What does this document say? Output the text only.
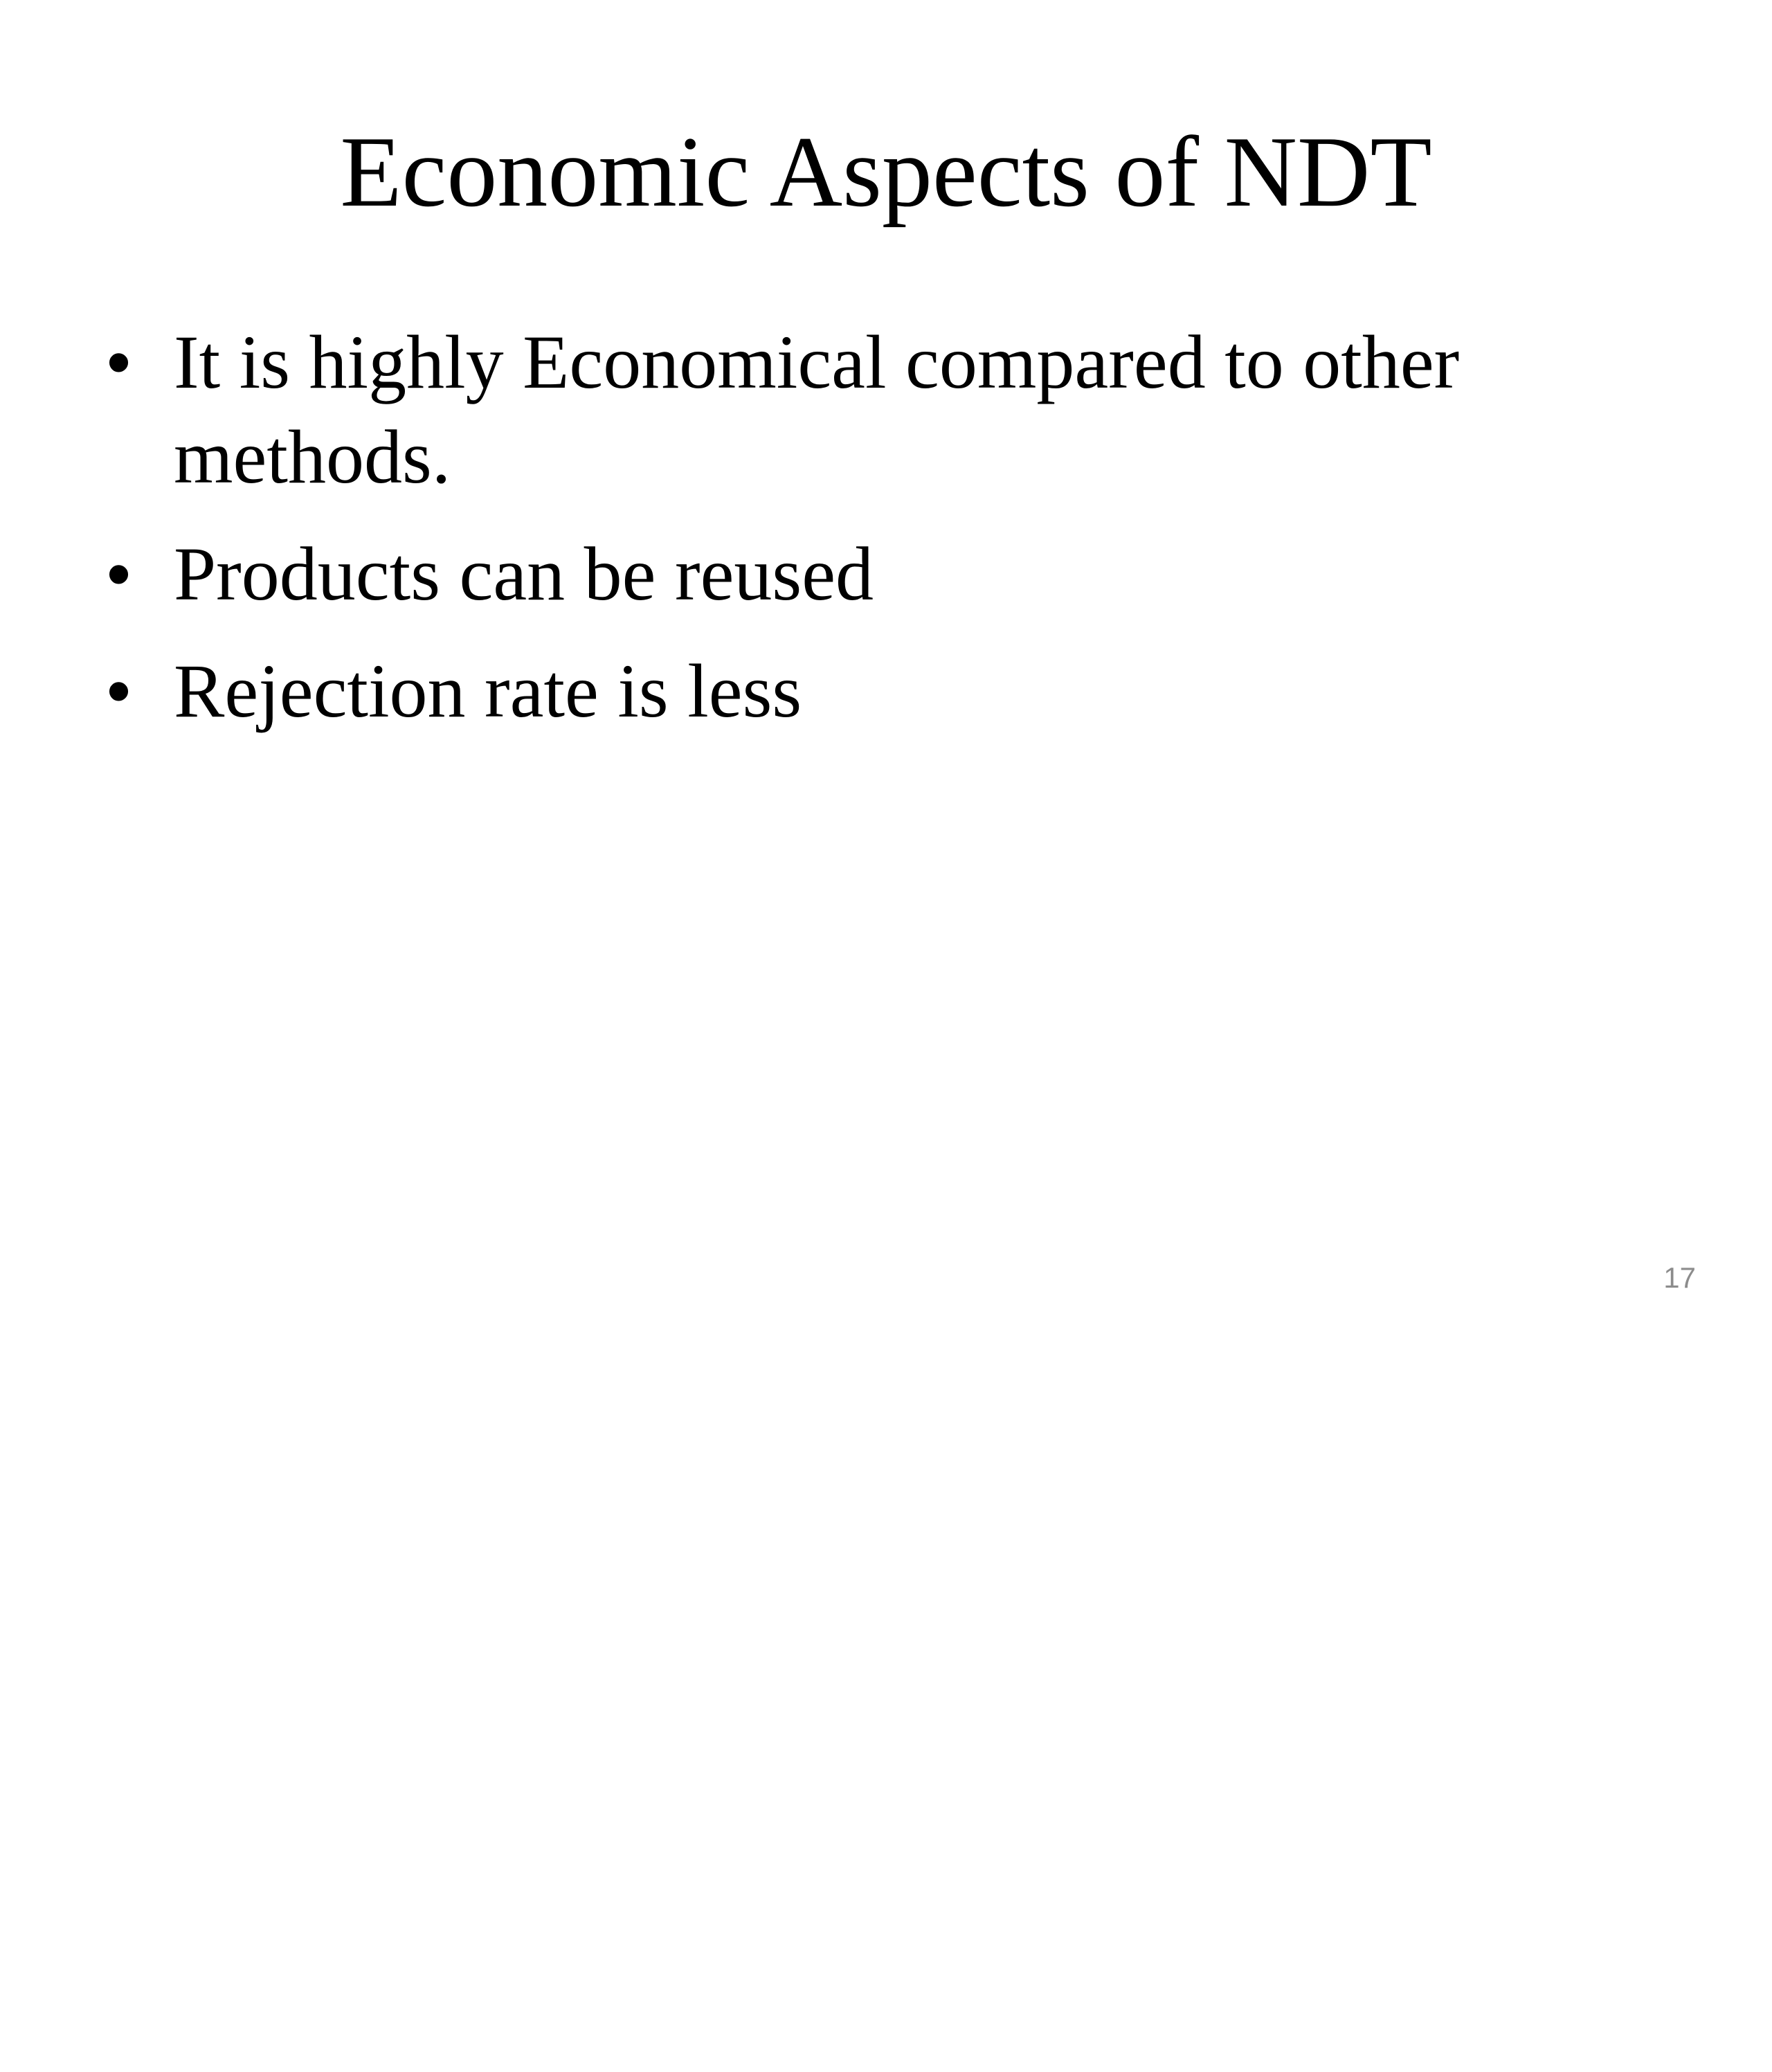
Economic Aspects of NDT
• It is highly Economical compared to other methods.
• Products can be reused
• Rejection rate is less
17
